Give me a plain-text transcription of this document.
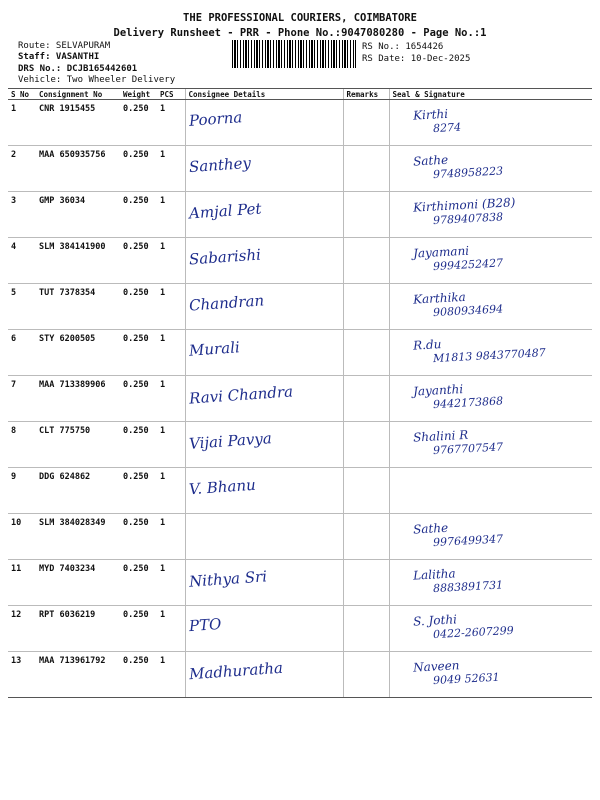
THE PROFESSIONAL COURIERS, COIMBATORE
Delivery Runsheet - PRR - Phone No.:9047080280 - Page No.:1
Route: SELVAPURAM
Staff: VASANTHI
DRS No.: DCJB165442601
Vehicle: Two Wheeler Delivery
RS No.: 1654426
RS Date: 10-Dec-2025
S No	Consignment No	Weight	PCS	Consignee Details	Remarks	Seal & Signature
1	CNR 1915455	0.250	1	Poorna		Kirthi
8274

2	MAA 650935756	0.250	1	Santhey		Sathe
9748958223

3	GMP 36034	0.250	1	Amjal Pet		Kirthimoni (B28)
9789407838

4	SLM 384141900	0.250	1	Sabarishi		Jayamani
9994252427

5	TUT 7378354	0.250	1	Chandran		Karthika
9080934694

6	STY 6200505	0.250	1	Murali		R.du
M1813 9843770487

7	MAA 713389906	0.250	1	Ravi Chandra		Jayanthi
9442173868

8	CLT 775750	0.250	1	Vijai Pavya		Shalini R
9767707547

9	DDG 624862	0.250	1	V. Bhanu		

10	SLM 384028349	0.250	1			Sathe
9976499347

11	MYD 7403234	0.250	1	Nithya Sri		Lalitha
8883891731

12	RPT 6036219	0.250	1	PTO		S. Jothi
0422-2607299

13	MAA 713961792	0.250	1	Madhuratha		Naveen
9049 52631
